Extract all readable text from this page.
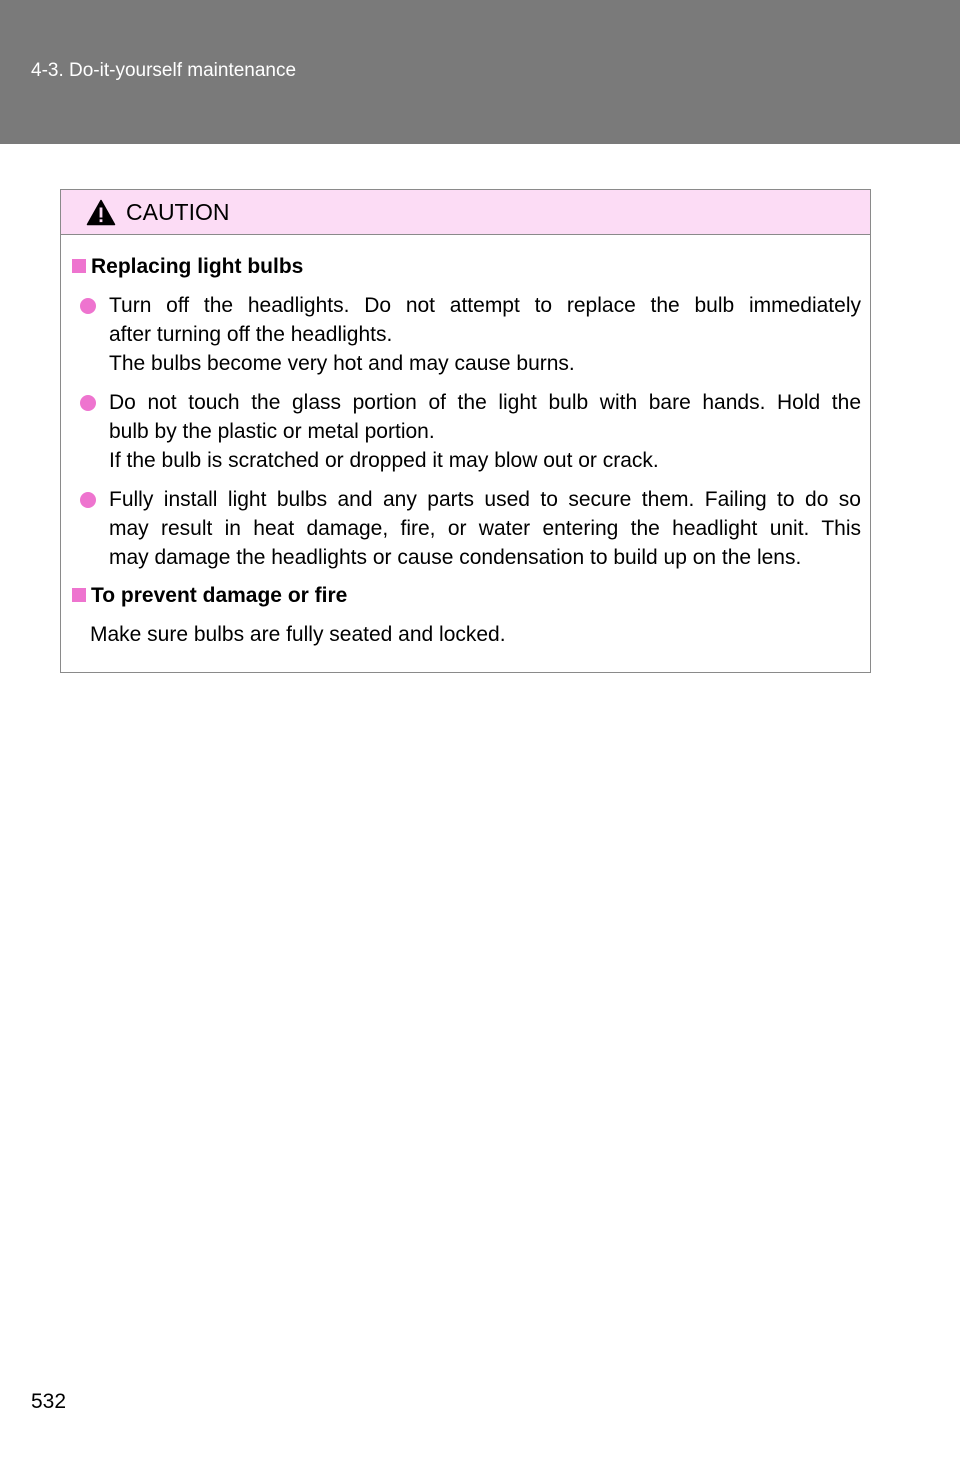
4-3. Do-it-yourself maintenance
CAUTION
Replacing light bulbs
Turn off the headlights. Do not attempt to replace the bulb immediately
after turning off the headlights.
The bulbs become very hot and may cause burns.
Do not touch the glass portion of the light bulb with bare hands. Hold the
bulb by the plastic or metal portion.
If the bulb is scratched or dropped it may blow out or crack.
Fully install light bulbs and any parts used to secure them. Failing to do so
may result in heat damage, fire, or water entering the headlight unit. This
may damage the headlights or cause condensation to build up on the lens.
To prevent damage or fire
Make sure bulbs are fully seated and locked.
532
